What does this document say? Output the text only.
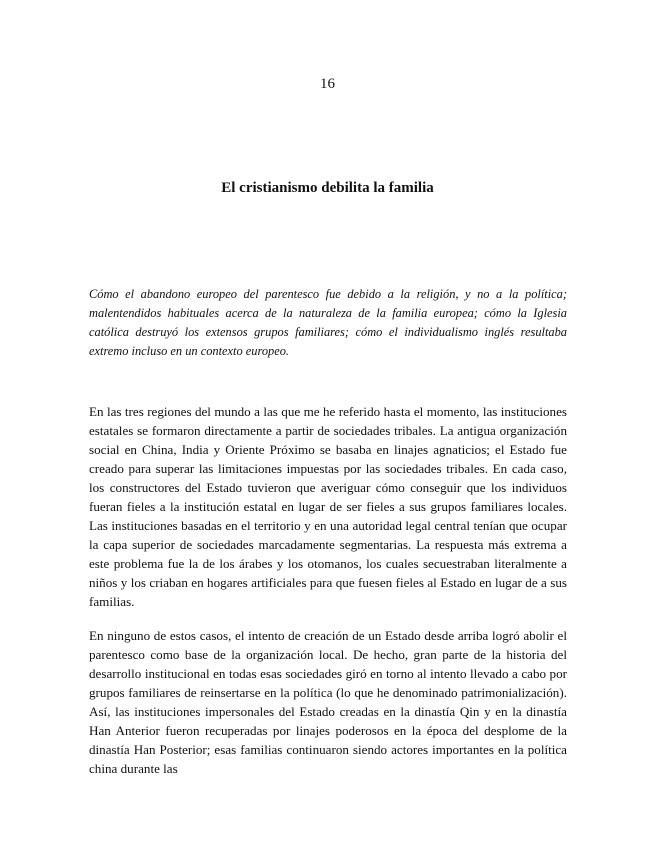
16
El cristianismo debilita la familia

Cómo el abandono europeo del parentesco fue debido a la religión, y no a la política; malentendidos habituales acerca de la naturaleza de la familia europea; cómo la Iglesia católica destruyó los extensos grupos familiares; cómo el individualismo inglés resultaba extremo incluso en un contexto europeo.

En las tres regiones del mundo a las que me he referido hasta el momento, las instituciones estatales se formaron directamente a partir de sociedades tribales. La antigua organización social en China, India y Oriente Próximo se basaba en linajes agnaticios; el Estado fue creado para superar las limitaciones impuestas por las sociedades tribales. En cada caso, los constructores del Estado tuvieron que averiguar cómo conseguir que los individuos fueran fieles a la institución estatal en lugar de ser fieles a sus grupos familiares locales. Las instituciones basadas en el territorio y en una autoridad legal central tenían que ocupar la capa superior de sociedades marcadamente segmentarias. La respuesta más extrema a este problema fue la de los árabes y los otomanos, los cuales secuestraban literalmente a niños y los criaban en hogares artificiales para que fuesen fieles al Estado en lugar de a sus familias.

En ninguno de estos casos, el intento de creación de un Estado desde arriba logró abolir el parentesco como base de la organización local. De hecho, gran parte de la historia del desarrollo institucional en todas esas sociedades giró en torno al intento llevado a cabo por grupos familiares de reinsertarse en la política (lo que he denominado patrimonialización). Así, las instituciones impersonales del Estado creadas en la dinastía Qin y en la dinastía Han Anterior fueron recuperadas por linajes poderosos en la época del desplome de la dinastía Han Posterior; esas familias continuaron siendo actores importantes en la política china durante las
